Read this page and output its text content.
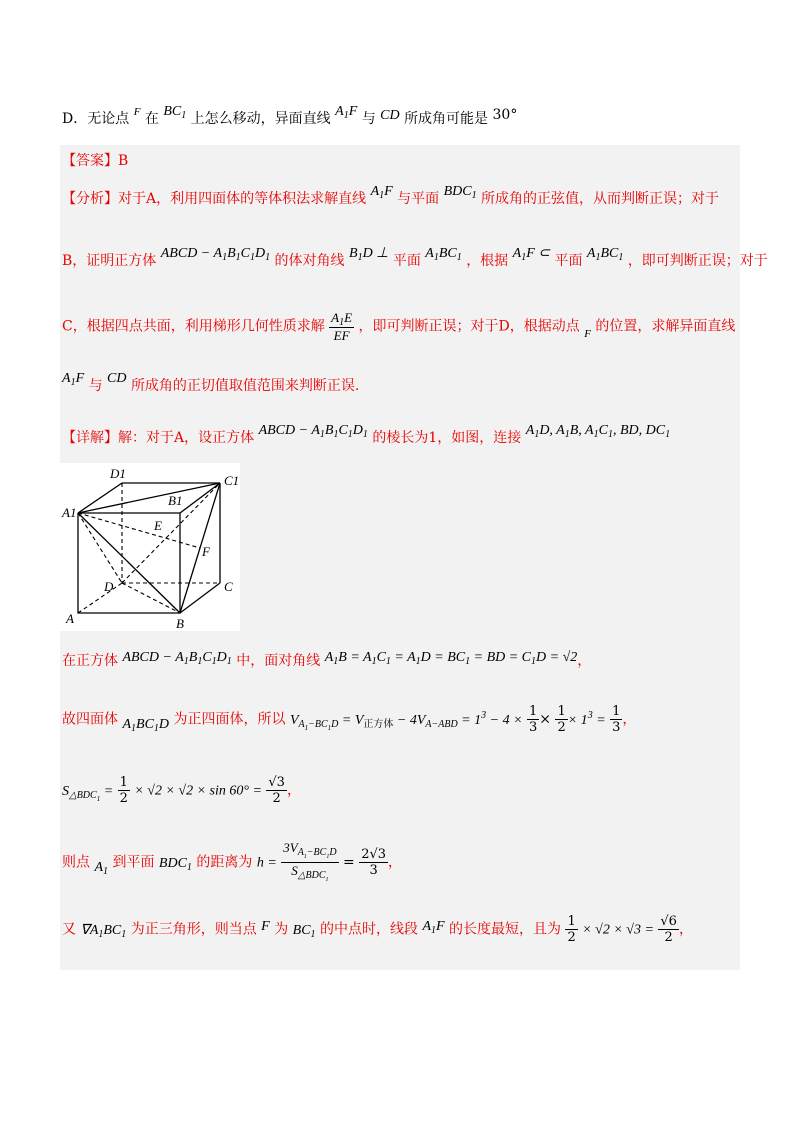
D．无论点 $^F$ 在 $BC_1$ 上怎么移动，异面直线 $A_1F$ 与 CD 所成角可能是 30°
【答案】B
【分析】对于A，利用四面体的等体积法求解直线 $A_1F$ 与平面 $BDC_1$ 所成角的正弦值，从而判断正误；对于
B，证明正方体 ABCD − $A_1B_1C_1D_1$ 的体对角线 $B_1D$ ⊥ 平面 $A_1BC_1$ ，根据 $A_1F$ ⊂ 平面 $A_1BC_1$ ，即可判断正误；对于
C，根据四点共面，利用梯形几何性质求解 $\frac{A_1E}{EF}$ ，即可判断正误；对于D，根据动点 $_F$ 的位置，求解异面直线
$A_1F$ 与 CD 所成角的正切值取值范围来判断正误.
【详解】解：对于A，设正方体 ABCD − $A_1B_1C_1D_1$ 的棱长为1，如图，连接 $A_1D$, $A_1B$, $A_1C_1$, BD, $DC_1$
D1	C1
A1
B1
E
F
D	C
A	B
在正方体 ABCD − $A_1B_1C_1D_1$ 中，面对角线 $A_1B = A_1C_1 = A_1D = BC_1$ = BD = $C_1D = √2$，
故四面体 $A_1BC_1D$ 为正四面体，所以 $V_{A_1-BC_1D} = V_{正方体} - 4V_{A-ABD} = 1^3 - 4 \times \frac{1}{3} \times \frac{1}{2} \times 1^3 = \frac{1}{3}$ ，
$S_{\triangle BDC_1} = \frac{1}{2} \times √2 \times √2 \times \sin 60^\circ = \frac{√3}{2}$ ，
则点 $A_1$ 到平面 $BDC_1$ 的距离为 $h = \frac{3V_{A_1-BC_1D}}{S_{\triangle BDC_1}} = \frac{2√3}{3}$ ，
又 $\nabla A_1BC_1$ 为正三角形，则当点 F 为 $BC_1$ 的中点时，线段 $A_1F$ 的长度最短，且为 $\frac{1}{2} \times √2 \times √3 = \frac{√6}{2}$ ，
